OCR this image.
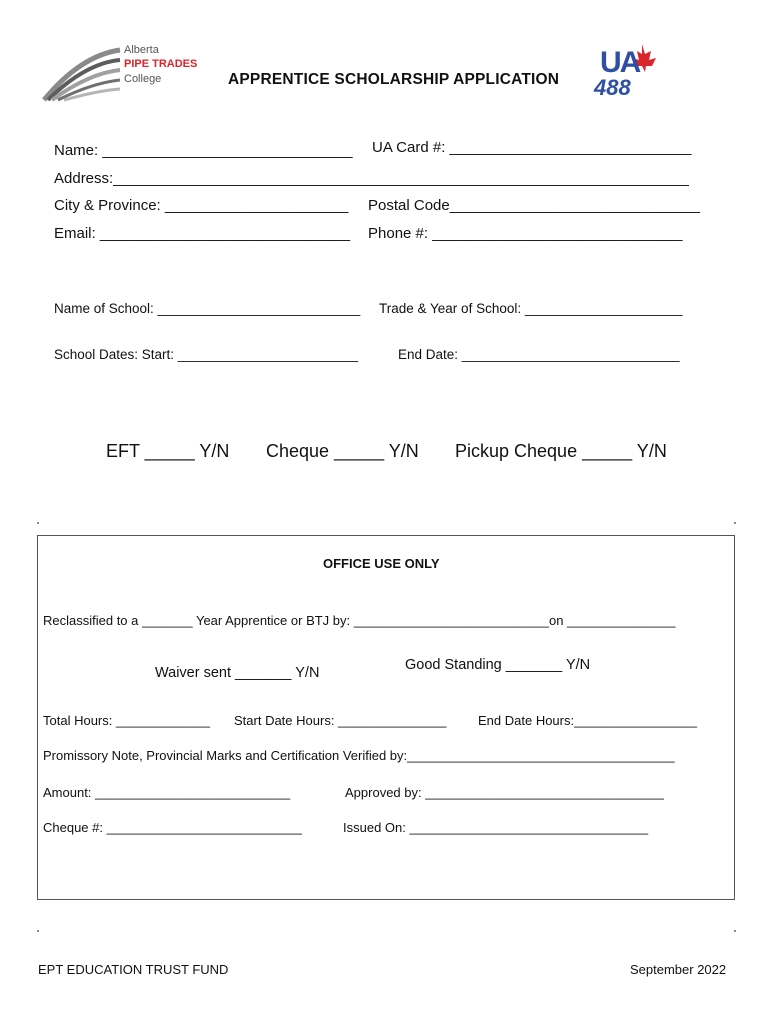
Alberta
PIPE TRADES
College	APPRENTICE SCHOLARSHIP APPLICATION
UA
488
Name: ______________________________ UA Card #: _____________________________
Address:_____________________________________________________________________
City & Province: ______________________ Postal Code______________________________
Email: ______________________________ Phone #: ______________________________
Name of School: ___________________________ Trade & Year of School: _____________________
School Dates: Start: ________________________	End Date: _____________________________
EFT _____ Y/N Cheque _____ Y/N Pickup Cheque _____ Y/N
OFFICE USE ONLY
Reclassified to a _______ Year Apprentice or BTJ by: ___________________________on _______________
Waiver sent _______ Y/N	Good Standing _______ Y/N
Total Hours: _____________ Start Date Hours: _______________ End Date Hours:_________________
Promissory Note, Provincial Marks and Certification Verified by:_____________________________________
Amount: ___________________________	Approved by: _________________________________
Cheque #: ___________________________	Issued On: _________________________________
EPT EDUCATION TRUST FUND	September 2022
